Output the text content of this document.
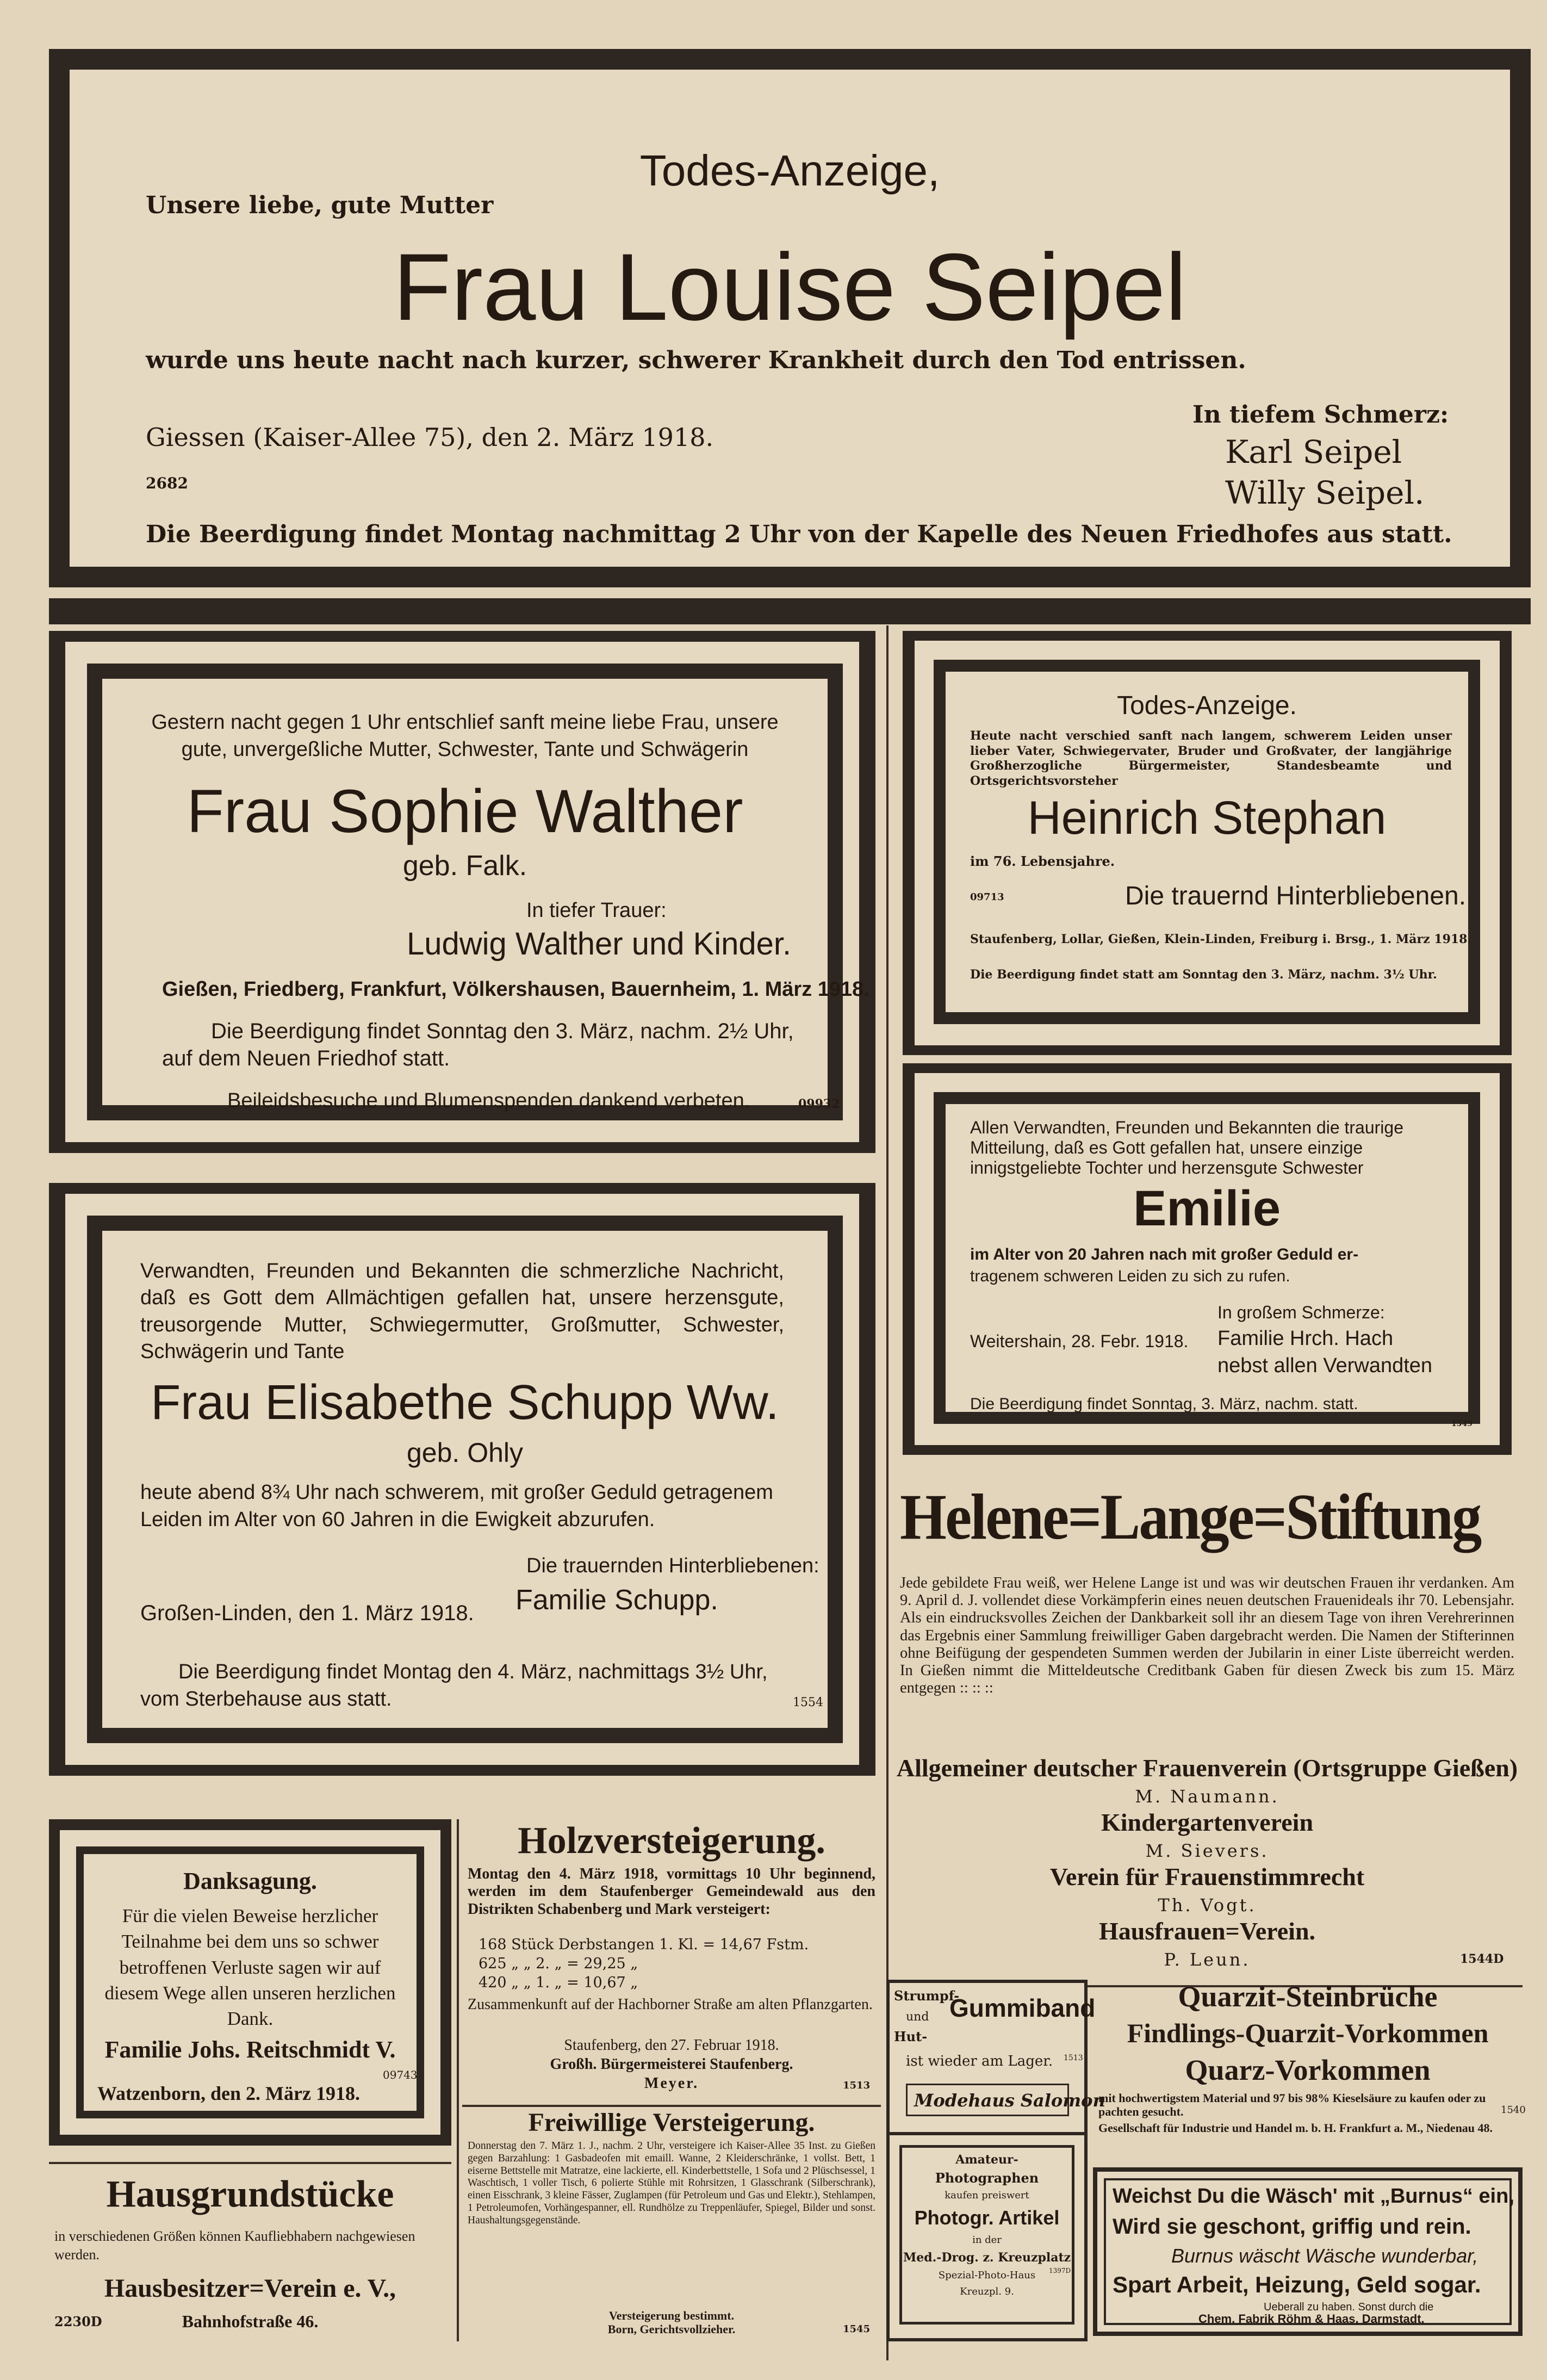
Todes-Anzeige,
Unsere liebe, gute Mutter
Frau Louise Seipel
wurde uns heute nacht nach kurzer, schwerer Krankheit durch den Tod entrissen.
Giessen (Kaiser-Allee 75), den 2. März 1918.
2682
In tiefem Schmerz:
Karl Seipel
Willy Seipel.
Die Beerdigung findet Montag nachmittag 2 Uhr von der Kapelle des Neuen Friedhofes aus statt.
Gestern nacht gegen 1 Uhr entschlief sanft meine liebe Frau, unsere
gute, unvergeßliche Mutter, Schwester, Tante und Schwägerin
Frau Sophie Walther
geb. Falk.
In tiefer Trauer:
Ludwig Walther und Kinder.
Gießen, Friedberg, Frankfurt, Völkershausen, Bauernheim, 1. März 1918.
Die Beerdigung findet Sonntag den 3. März, nachm. 2½ Uhr,
auf dem Neuen Friedhof statt.
Beileidsbesuche und Blumenspenden dankend verbeten.	09932
Todes-Anzeige.
Heute nacht verschied sanft nach langem, schwerem Leiden unser lieber Vater, Schwiegervater, Bruder und Großvater, der langjährige Großherzogliche Bürgermeister, Standesbeamte und Ortsgerichtsvorsteher
Heinrich Stephan
im 76. Lebensjahre.
09713	Die trauernd Hinterbliebenen.
Staufenberg, Lollar, Gießen, Klein-Linden, Freiburg i. Brsg., 1. März 1918.
Die Beerdigung findet statt am Sonntag den 3. März, nachm. 3½ Uhr.
Allen Verwandten, Freunden und Bekannten die traurige Mitteilung, daß es Gott gefallen hat, unsere einzige innigstgeliebte Tochter und herzensgute Schwester
Emilie
im Alter von 20 Jahren nach mit großer Geduld er-
tragenem schweren Leiden zu sich zu rufen.
In großem Schmerze:
Weitershain, 28. Febr. 1918. Familie Hrch. Hach
nebst allen Verwandten
Die Beerdigung findet Sonntag, 3. März, nachm. statt.
1549
Verwandten, Freunden und Bekannten die schmerzliche Nachricht, daß es Gott dem Allmächtigen gefallen hat, unsere herzensgute, treusorgende Mutter, Schwiegermutter, Großmutter, Schwester, Schwägerin und Tante
Frau Elisabethe Schupp Ww.
geb. Ohly
heute abend 8¾ Uhr nach schwerem, mit großer Geduld getragenem
Leiden im Alter von 60 Jahren in die Ewigkeit abzurufen.
Die trauernden Hinterbliebenen:
Großen-Linden, den 1. März 1918. Familie Schupp.
Die Beerdigung findet Montag den 4. März, nachmittags 3½ Uhr,
vom Sterbehause aus statt.	1554
Helene=Lange=Stiftung
Jede gebildete Frau weiß, wer Helene Lange ist und was wir deutschen Frauen ihr verdanken. Am 9. April d. J. vollendet diese Vorkämpferin eines neuen deutschen Frauenideals ihr 70. Lebensjahr. Als ein eindrucksvolles Zeichen der Dankbarkeit soll ihr an diesem Tage von ihren Verehrerinnen das Ergebnis einer Sammlung freiwilliger Gaben dargebracht werden. Die Namen der Stifterinnen ohne Beifügung der gespendeten Summen werden der Jubilarin in einer Liste überreicht werden. In Gießen nimmt die Mitteldeutsche Creditbank Gaben für diesen Zweck bis zum 15. März entgegen :: :: ::
Allgemeiner deutscher Frauenverein (Ortsgruppe Gießen)
M. Naumann.
Kindergartenverein
M. Sievers.
Verein für Frauenstimmrecht
Th. Vogt.
Hausfrauen=Verein.
P. Leun.	1544D
Danksagung.
Für die vielen Beweise herzlicher Teilnahme bei dem uns so schwer betroffenen Verluste sagen wir auf diesem Wege allen unseren herzlichen Dank.
Familie Johs. Reitschmidt V.
09743
Watzenborn, den 2. März 1918.
Hausgrundstücke
in verschiedenen Größen können Kaufliebhabern nachgewiesen werden.
Hausbesitzer=Verein e. V.,
Bahnhofstraße 46.
2230D
Holzversteigerung.
Montag den 4. März 1918, vormittags 10 Uhr beginnend, werden im dem Staufenberger Gemeindewald aus den Distrikten Schabenberg und Mark versteigert:
168 Stück Derbstangen 1. Kl. = 14,67 Fstm.
625 „ „ 2. „ = 29,25 „
420 „ „ 1. „ = 10,67 „
Zusammenkunft auf der Hachborner Straße am alten Pflanzgarten.
Staufenberg, den 27. Februar 1918.
Großh. Bürgermeisterei Staufenberg.
Meyer.	1513
Freiwillige Versteigerung.
Donnerstag den 7. März 1. J., nachm. 2 Uhr, versteigere ich Kaiser-Allee 35 Inst. zu Gießen gegen Barzahlung: 1 Gasbadeofen mit emaill. Wanne, 2 Kleiderschränke, 1 vollst. Bett, 1 eiserne Bettstelle mit Matratze, eine lackierte, ell. Kinderbettstelle, 1 Sofa und 2 Plüschsessel, 1 Waschtisch, 1 voller Tisch, 6 polierte Stühle mit Rohrsitzen, 1 Glasschrank (Silberschrank), einen Eisschrank, 3 kleine Fässer, Zuglampen (für Petroleum und Gas und Elektr.), Stehlampen, 1 Petroleumofen, Vorhängespanner, ell. Rundhölze zu Treppenläufer, Spiegel, Bilder und sonst. Haushaltungsgegenstände.
Versteigerung bestimmt.
Born, Gerichtsvollzieher.	1545
Strumpf-
und
Hut-
Gummiband
ist wieder am Lager. 1513
Modehaus Salomon
Amateur-
Photographen
kaufen preiswert
Photogr. Artikel
in der
Med.-Drog. z. Kreuzplatz
Spezial-Photo-Haus
Kreuzpl. 9.
1397D
Quarzit-Steinbrüche
Findlings-Quarzit-Vorkommen
Quarz-Vorkommen
mit hochwertigstem Material und 97 bis 98% Kieselsäure zu kaufen oder zu pachten gesucht.	1540
Gesellschaft für Industrie und Handel m. b. H. Frankfurt a. M., Niedenau 48.
Weichst Du die Wäsch' mit „Burnus“ ein,
Wird sie geschont, griffig und rein.
Burnus wäscht Wäsche wunderbar,
Spart Arbeit, Heizung, Geld sogar.
Ueberall zu haben. Sonst durch die
Chem. Fabrik Röhm & Haas, Darmstadt.
